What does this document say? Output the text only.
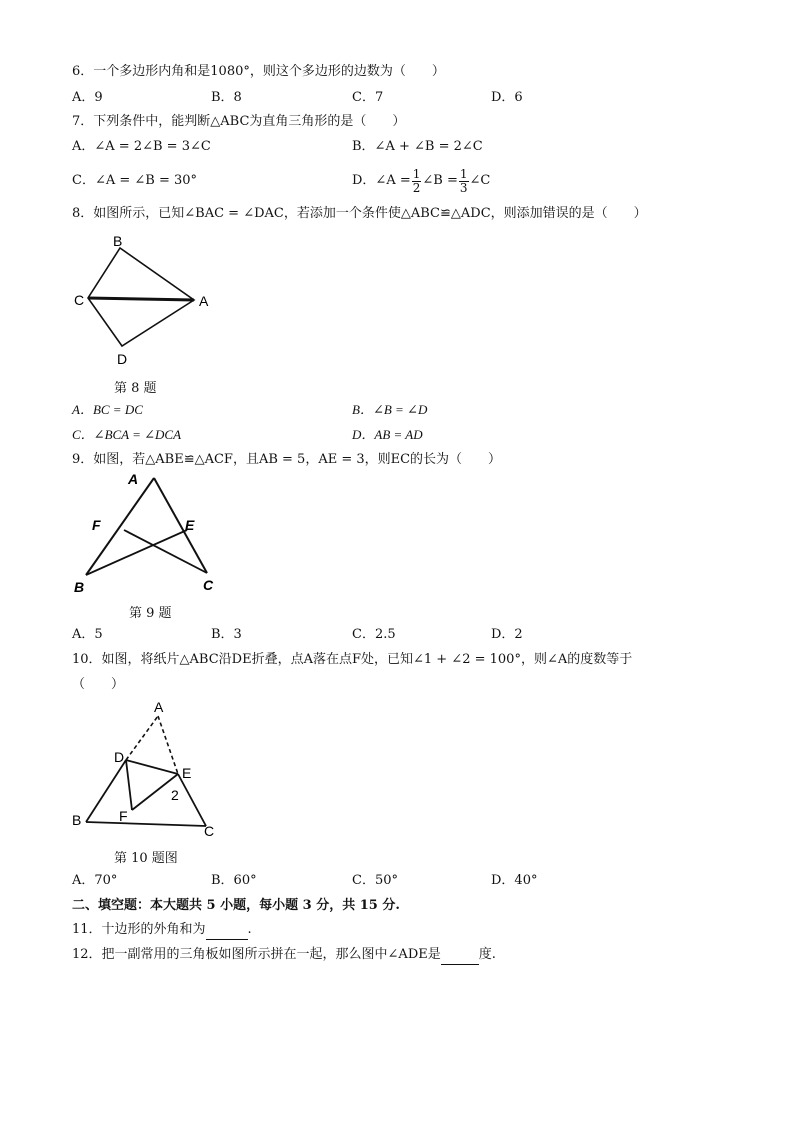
6．一个多边形内角和是1080°，则这个多边形的边数为（　　）
A．9	B．8	C．7	D．6
7．下列条件中，能判断△ABC为直角三角形的是（　　）
A．∠A = 2∠B = 3∠C	B．∠A + ∠B = 2∠C
C．∠A = ∠B = 30°	D．∠A = $\frac{1}{2}$ ∠B = $\frac{1}{3}$ ∠C
8．如图所示，已知∠BAC = ∠DAC，若添加一个条件使△ABC≌△ADC，则添加错误的是（　　）
B
C	A
D
第 8 题
A．BC = DC	B．∠B = ∠D
C．∠BCA = ∠DCA	D．AB = AD
9．如图，若△ABE≌△ACF，且AB = 5，AE = 3，则EC的长为（　　）
A
F	E
B	C
第 9 题
A．5	B．3	C．2.5	D．2
10．如图，将纸片△ABC沿DE折叠，点A落在点F处，已知∠1 + ∠2 = 100°，则∠A的度数等于
（　　）
A
D
E
2
F
B
C
第 10 题图
A．70°	B．60°	C．50°	D．40°
二、填空题：本大题共 5 小题，每小题 3 分，共 15 分.
11．十边形的外角和为	.
12．把一副常用的三角板如图所示拼在一起，那么图中∠ADE是	度.
